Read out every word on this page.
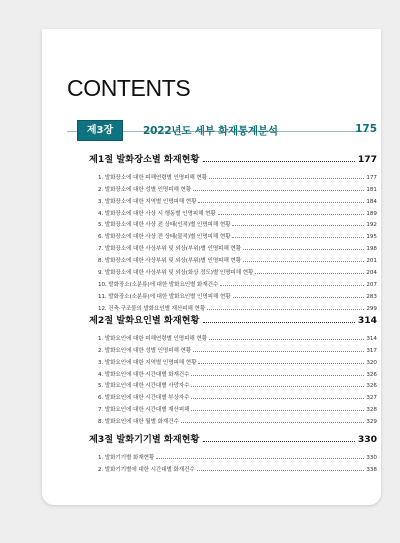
CONTENTS
제3장	2022년도 세부 화재통계분석	175
제1절 발화장소별 화재현황	177
1. 발화장소에 대한 피해연령별 인명피해 현황	177
2. 발화장소에 대한 성별 인명피해 현황	181
3. 발화장소에 대한 지역별 인명피해 현황	184
4. 발화장소에 대한 사상 시 행동별 인명피해 현황	189
5. 발화장소에 대한 사상 전 상태(인적)별 인명피해 현황	192
6. 발화장소에 대한 사상 전 상태(물적)별 인명피해 현황	195
7. 발화장소에 대한 사상부위 및 외상(부위)별 인명피해 현황	198
8. 발화장소에 대한 사상부위 및 외상(부위)별 인명피해 현황	201
9. 발화장소에 대한 사상부위 및 외상(화상 정도)별 인명피해 현황	204
10. 발화장소(소분류)에 대한 발화요인별 화재건수	207
11. 발화장소(소분류)에 대한 발화요인별 인명피해 현황	283
12. 건축·구조물의 발화요인별 재산피해 현황	299
제2절 발화요인별 화재현황	314
1. 발화요인에 대한 피해연령별 인명피해 현황	314
2. 발화요인에 대한 성별 인명피해 현황	317
3. 발화요인에 대한 지역별 인명피해 현황	320
4. 발화요인에 대한 시간대별 화재건수	326
5. 발화요인에 대한 시간대별 사망자수	326
6. 발화요인에 대한 시간대별 부상자수	327
7. 발화요인에 대한 시간대별 재산피해	328
8. 발화요인에 대한 월별 화재건수	329
제3절 발화기기별 화재현황	330
1. 발화기기별 화재현황	330
2. 발화기기별에 대한 시간대별 화재건수	338
